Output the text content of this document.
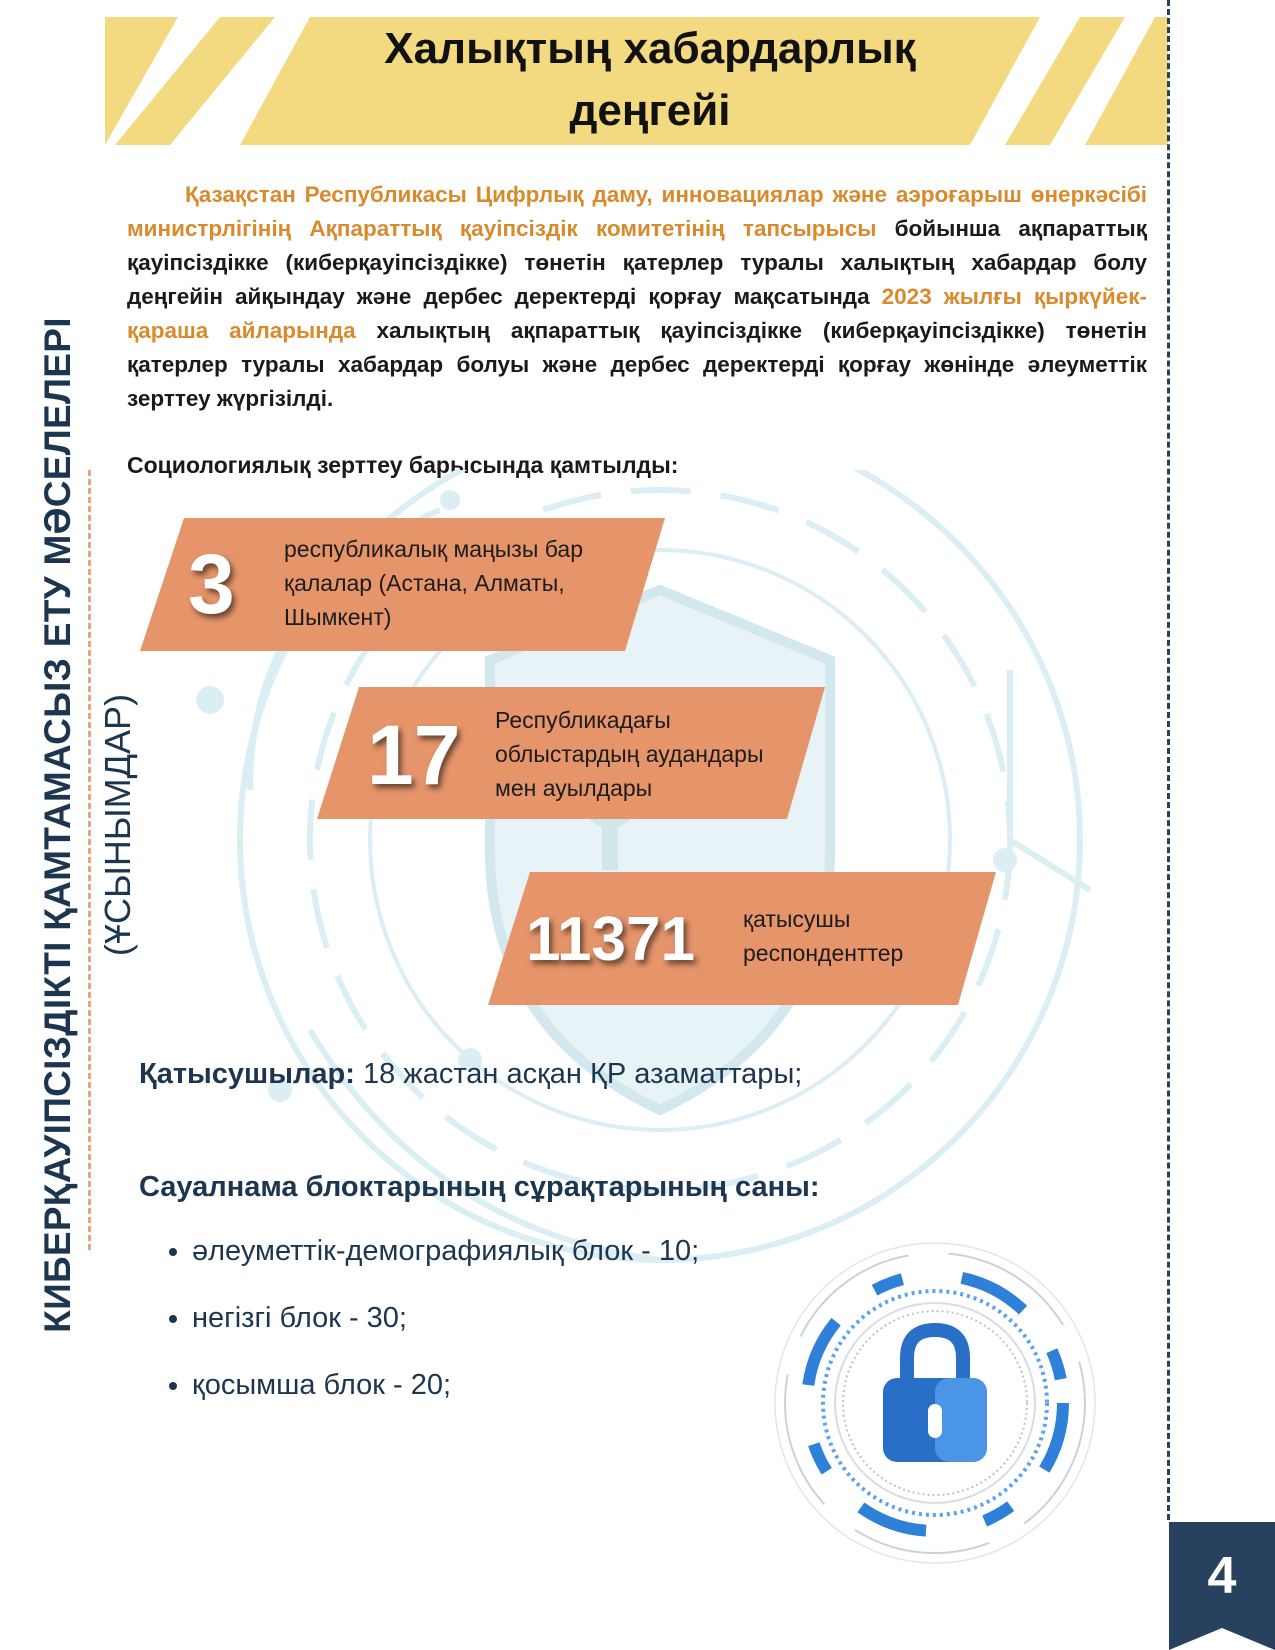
Халықтың хабардарлық деңгейі
4
КИБЕРҚАУІПСІЗДІКТІ ҚАМТАМАСЫЗ ЕТУ МӘСЕЛЕЛЕРІ (ҰСЫНЫМДАР)
Қазақстан Республикасы Цифрлық даму, инновациялар және аэроғарыш өнеркәсібі министрлігінің Ақпараттық қауіпсіздік комитетінің тапсырысы бойынша ақпараттық қауіпсіздікке (киберқауіпсіздікке) төнетін қатерлер туралы халықтың хабардар болу деңгейін айқындау және дербес деректерді қорғау мақсатында 2023 жылғы қыркүйек-қараша айларында халықтың ақпараттық қауіпсіздікке (киберқауіпсіздікке) төнетін қатерлер туралы хабардар болуы және дербес деректерді қорғау жөнінде әлеуметтік зерттеу жүргізілді.
Социологиялық зерттеу барысында қамтылды:
3 республикалық маңызы бар қалалар (Астана, Алматы, Шымкент)
17 Республикадағы облыстардың аудандары мен ауылдары
11371 қатысушы респонденттер
Қатысушылар: 18 жастан асқан ҚР азаматтары;
Сауалнама блоктарының сұрақтарының саны:
• әлеуметтік-демографиялық блок - 10;
• негізгі блок - 30;
• қосымша блок - 20;
